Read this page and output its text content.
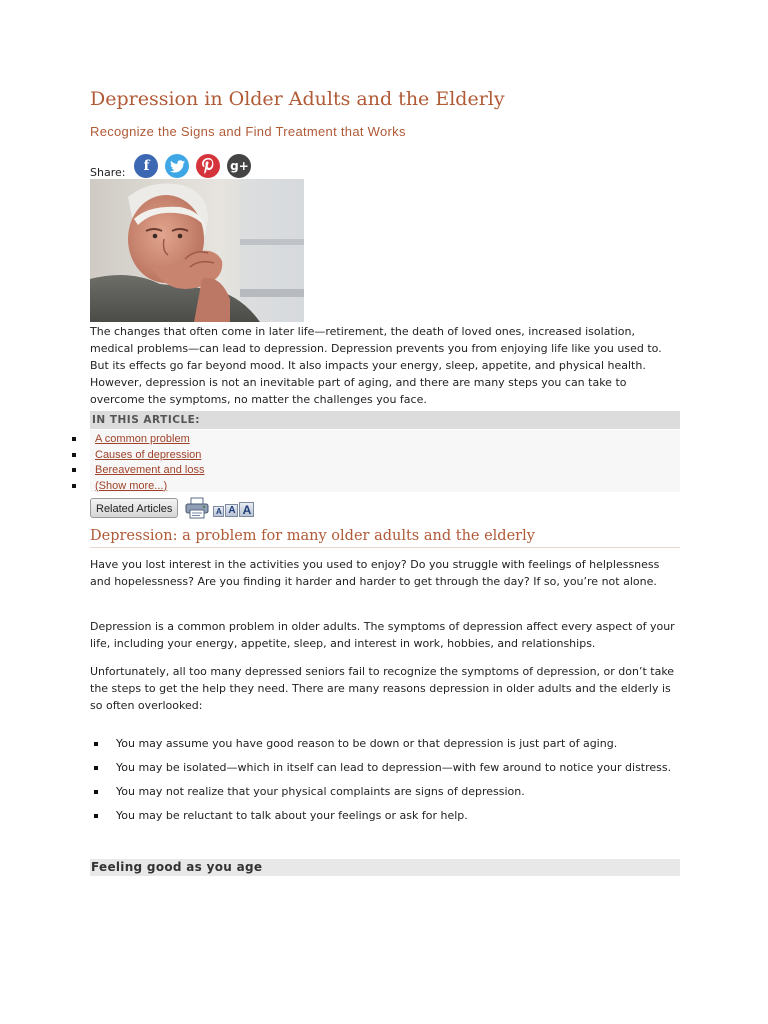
Depression in Older Adults and the Elderly
Recognize the Signs and Find Treatment that Works
Share:	f	g+

The changes that often come in later life—retirement, the death of loved ones, increased isolation, medical problems—can lead to depression. Depression prevents you from enjoying life like you used to. But its effects go far beyond mood. It also impacts your energy, sleep, appetite, and physical health. However, depression is not an inevitable part of aging, and there are many steps you can take to overcome the symptoms, no matter the challenges you face.

IN THIS ARTICLE:
A common problem
Causes of depression
Bereavement and loss
(Show more...)
Related Articles	A A A
Depression: a problem for many older adults and the elderly

Have you lost interest in the activities you used to enjoy? Do you struggle with feelings of helplessness and hopelessness? Are you finding it harder and harder to get through the day? If so, you’re not alone.

Depression is a common problem in older adults. The symptoms of depression affect every aspect of your life, including your energy, appetite, sleep, and interest in work, hobbies, and relationships.

Unfortunately, all too many depressed seniors fail to recognize the symptoms of depression, or don’t take the steps to get the help they need. There are many reasons depression in older adults and the elderly is so often overlooked:

You may assume you have good reason to be down or that depression is just part of aging.
You may be isolated—which in itself can lead to depression—with few around to notice your distress.
You may not realize that your physical complaints are signs of depression.
You may be reluctant to talk about your feelings or ask for help.
Feeling good as you age
